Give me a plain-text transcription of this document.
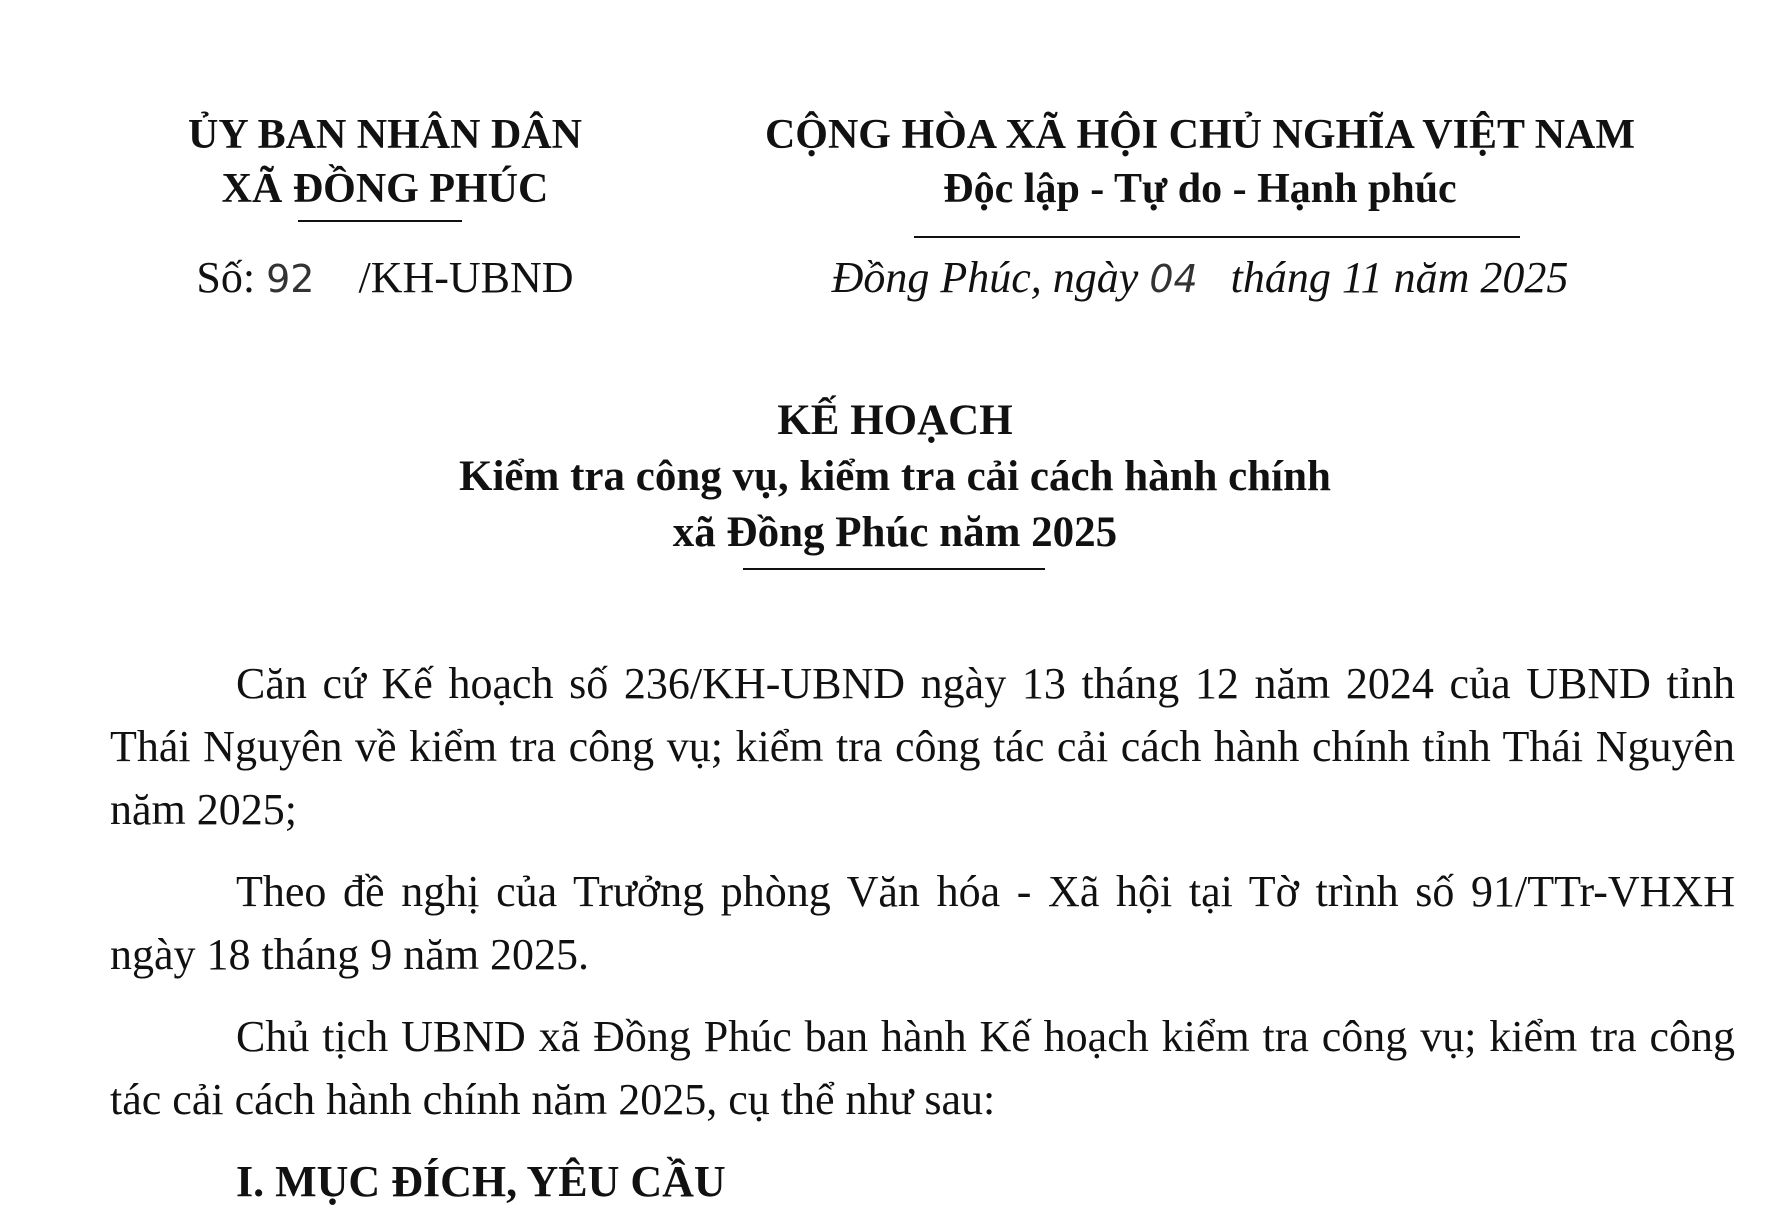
ỦY BAN NHÂN DÂN
XÃ ĐỒNG PHÚC
CỘNG HÒA XÃ HỘI CHỦ NGHĨA VIỆT NAM
Độc lập - Tự do - Hạnh phúc
Số: 92 /KH-UBND	Đồng Phúc, ngày 04 tháng 11 năm 2025
KẾ HOẠCH
Kiểm tra công vụ, kiểm tra cải cách hành chính
xã Đồng Phúc năm 2025

Căn cứ Kế hoạch số 236/KH-UBND ngày 13 tháng 12 năm 2024 của UBND tỉnh Thái Nguyên về kiểm tra công vụ; kiểm tra công tác cải cách hành chính tỉnh Thái Nguyên năm 2025;

Theo đề nghị của Trưởng phòng Văn hóa - Xã hội tại Tờ trình số 91/TTr-VHXH ngày 18 tháng 9 năm 2025.

Chủ tịch UBND xã Đồng Phúc ban hành Kế hoạch kiểm tra công vụ; kiểm tra công tác cải cách hành chính năm 2025, cụ thể như sau:

I. MỤC ĐÍCH, YÊU CẦU
